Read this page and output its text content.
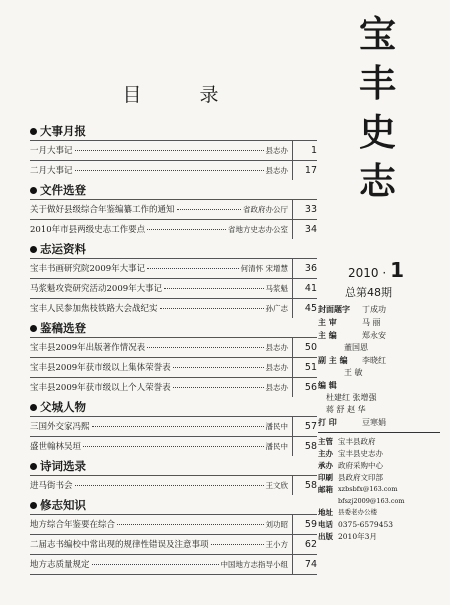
目 录
大事月报
一月大事记	县志办	1
二月大事记	县志办	17
文件选登
关于做好县级综合年鉴编纂工作的通知	省政府办公厅	33
2010年市县两级史志工作要点	省地方史志办公室	34
志运资料
宝丰书画研究院2009年大事记	何清怀 宋增慧	36
马浆魁攻瓷研究活动2009年大事记	马浆魁	41
宝丰人民参加焦枝铁路大会战纪实	孙广志	45
鉴稿选登
宝丰县2009年出版著作情况表	县志办	50
宝丰县2009年获市级以上集体荣誉表	县志办	51
宝丰县2009年获市级以上个人荣誉表	县志办	56
父城人物
三国外交家冯熙	潘民中	57
盛世翰林吴垣	潘民中	58
诗词选录
进马街书会	王文欣	58
修志知识
地方综合年鉴要在综合	刘功昭	59
二届志书编校中常出现的规律性错误及注意事项	王小方	62
地方志质量规定	中国地方志指导小组	74
宝
丰
史
志
2010 · 1
总第48期
封面题字	丁成功
主 审	马 丽
主 编	郑永安
董国恩
副 主 编	李晓红
王 敏
编 辑
杜建红 张增强
蒋 舒 赵 华
打 印	豆寒娟
主管 宝丰县政府
主办 宝丰县史志办
承办 政府采购中心
印刷 县政府文印部
邮箱 xzbsbfx@163.com
bfszj2009@163.com
地址 县委老办公楼
电话 0375-6579453
出版 2010年3月
